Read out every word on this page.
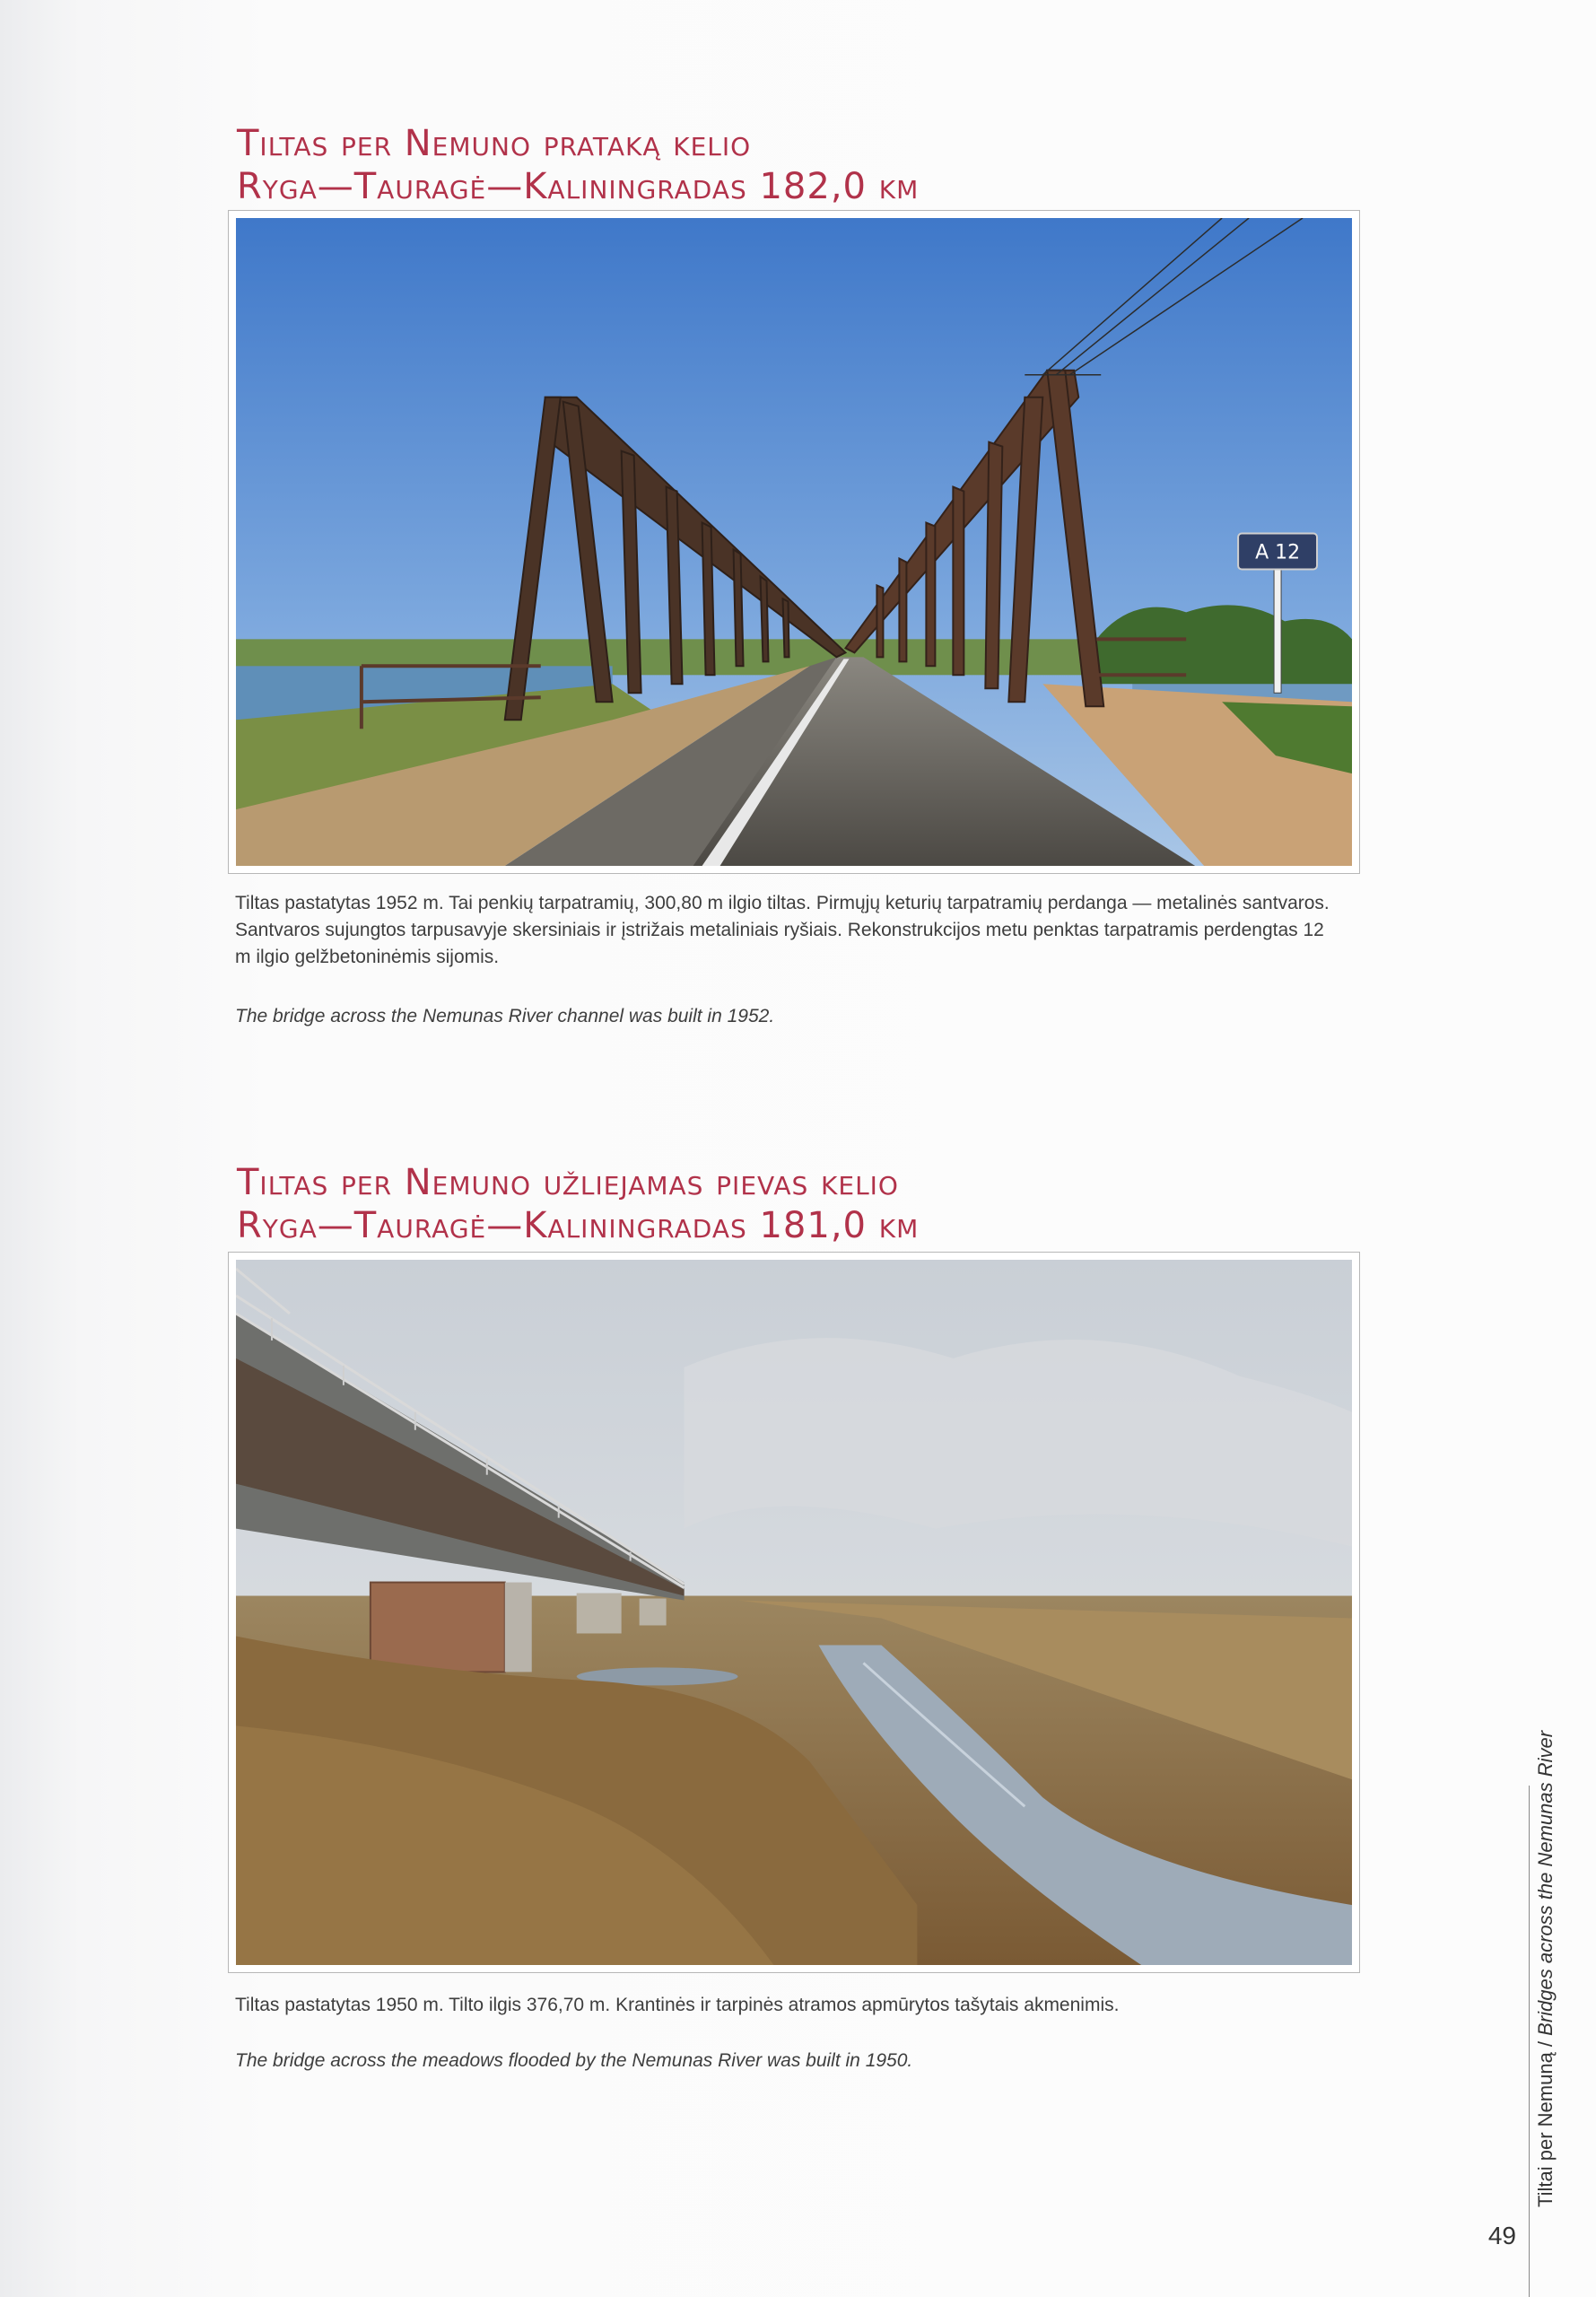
Tiltas per Nemuno prataką kelio
Ryga—Tauragė—Kaliningradas 182,0 km
A 12

Tiltas pastatytas 1952 m. Tai penkių tarpatramių, 300,80 m ilgio tiltas. Pirmųjų keturių tarpatramių perdanga — metalinės santvaros. Santvaros sujungtos tarpusavyje skersiniais ir įstrižais metaliniais ryšiais. Rekonstrukcijos metu penktas tarpatramis perdengtas 12 m ilgio gelžbetoninėmis sijomis.

The bridge across the Nemunas River channel was built in 1952.

Tiltas per Nemuno užliejamas pievas kelio
Ryga—Tauragė—Kaliningradas 181,0 km

Tiltas pastatytas 1950 m. Tilto ilgis 376,70 m. Krantinės ir tarpinės atramos apmūrytos tašytais akmenimis.

The bridge across the meadows flooded by the Nemunas River was built in 1950.	Tiltai per Nemuną / Bridges across the Nemunas River
49
